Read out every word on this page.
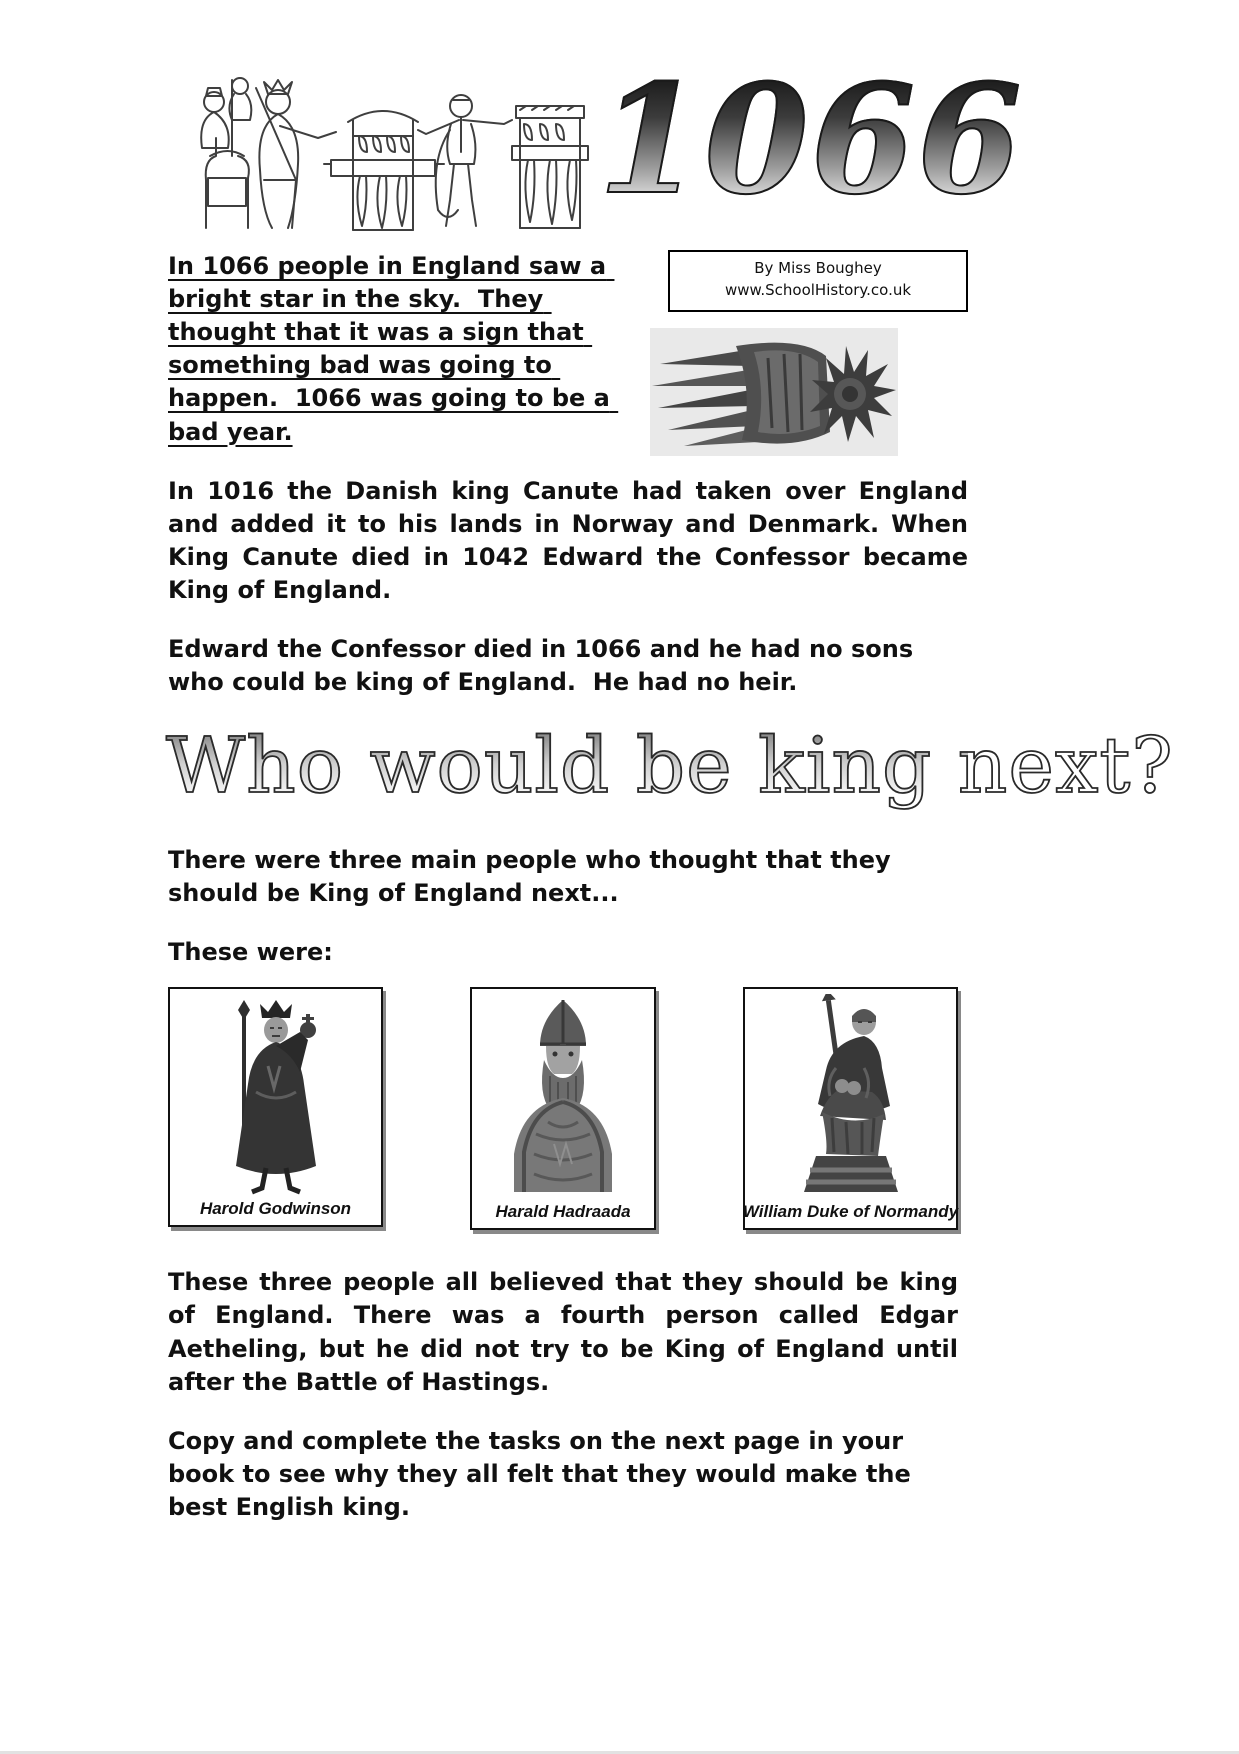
1066
By Miss Boughey
www.SchoolHistory.co.uk

In 1066 people in England saw a bright star in the sky.  They thought that it was a sign that something bad was going to happen.  1066 was going to be a bad year.

In 1016 the Danish king Canute had taken over England and added it to his lands in Norway and Denmark. When King Canute died in 1042 Edward the Confessor became King of England.

Edward the Confessor died in 1066 and he had no sons who could be king of England.  He had no heir.

Who would be king next?

There were three main people who thought that they should be King of England next...

These were:

Harold Godwinson	Harald Hadraada	William Duke of Normandy

These three people all believed that they should be king of England. There was a fourth person called Edgar Aetheling, but he did not try to be King of England until after the Battle of Hastings.

Copy and complete the tasks on the next page in your book to see why they all felt that they would make the best English king.
